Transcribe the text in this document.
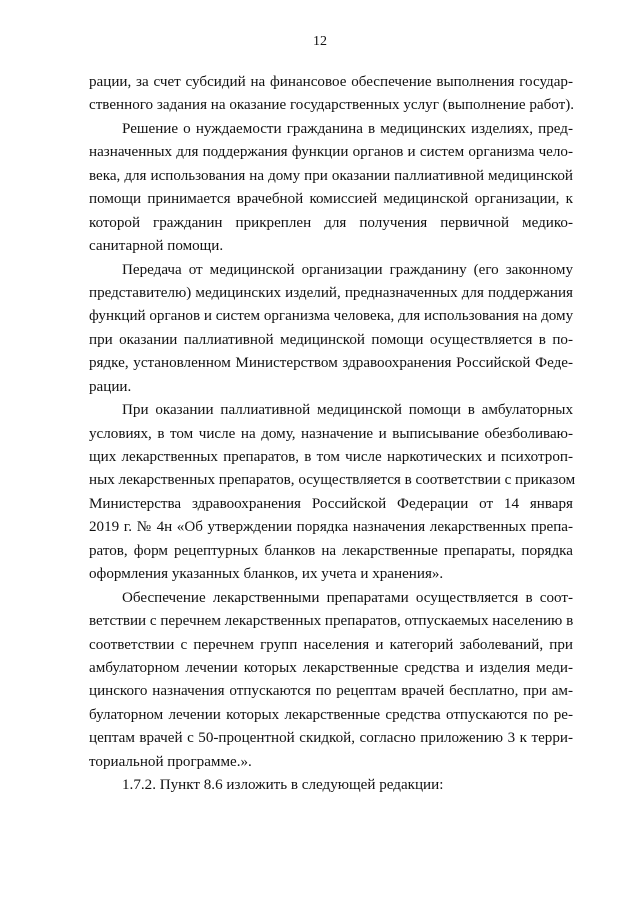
12
рации, за счет субсидий на финансовое обеспечение выполнения государ-
ственного задания на оказание государственных услуг (выполнение работ).
Решение о нуждаемости гражданина в медицинских изделиях, пред-
назначенных для поддержания функции органов и систем организма чело-
века, для использования на дому при оказании паллиативной медицинской
помощи принимается врачебной комиссией медицинской организации, к
которой гражданин прикреплен для получения первичной медико-
санитарной помощи.
Передача от медицинской организации гражданину (его законному
представителю) медицинских изделий, предназначенных для поддержания
функций органов и систем организма человека, для использования на дому
при оказании паллиативной медицинской помощи осуществляется в по-
рядке, установленном Министерством здравоохранения Российской Феде-
рации.
При оказании паллиативной медицинской помощи в амбулаторных
условиях, в том числе на дому, назначение и выписывание обезболиваю-
щих лекарственных препаратов, в том числе наркотических и психотроп-
ных лекарственных препаратов, осуществляется в соответствии с приказом
Министерства здравоохранения Российской Федерации от 14 января
2019 г. № 4н «Об утверждении порядка назначения лекарственных препа-
ратов, форм рецептурных бланков на лекарственные препараты, порядка
оформления указанных бланков, их учета и хранения».
Обеспечение лекарственными препаратами осуществляется в соот-
ветствии с перечнем лекарственных препаратов, отпускаемых населению в
соответствии с перечнем групп населения и категорий заболеваний, при
амбулаторном лечении которых лекарственные средства и изделия меди-
цинского назначения отпускаются по рецептам врачей бесплатно, при ам-
булаторном лечении которых лекарственные средства отпускаются по ре-
цептам врачей с 50-процентной скидкой, согласно приложению 3 к терри-
ториальной программе.».
1.7.2. Пункт 8.6 изложить в следующей редакции:
